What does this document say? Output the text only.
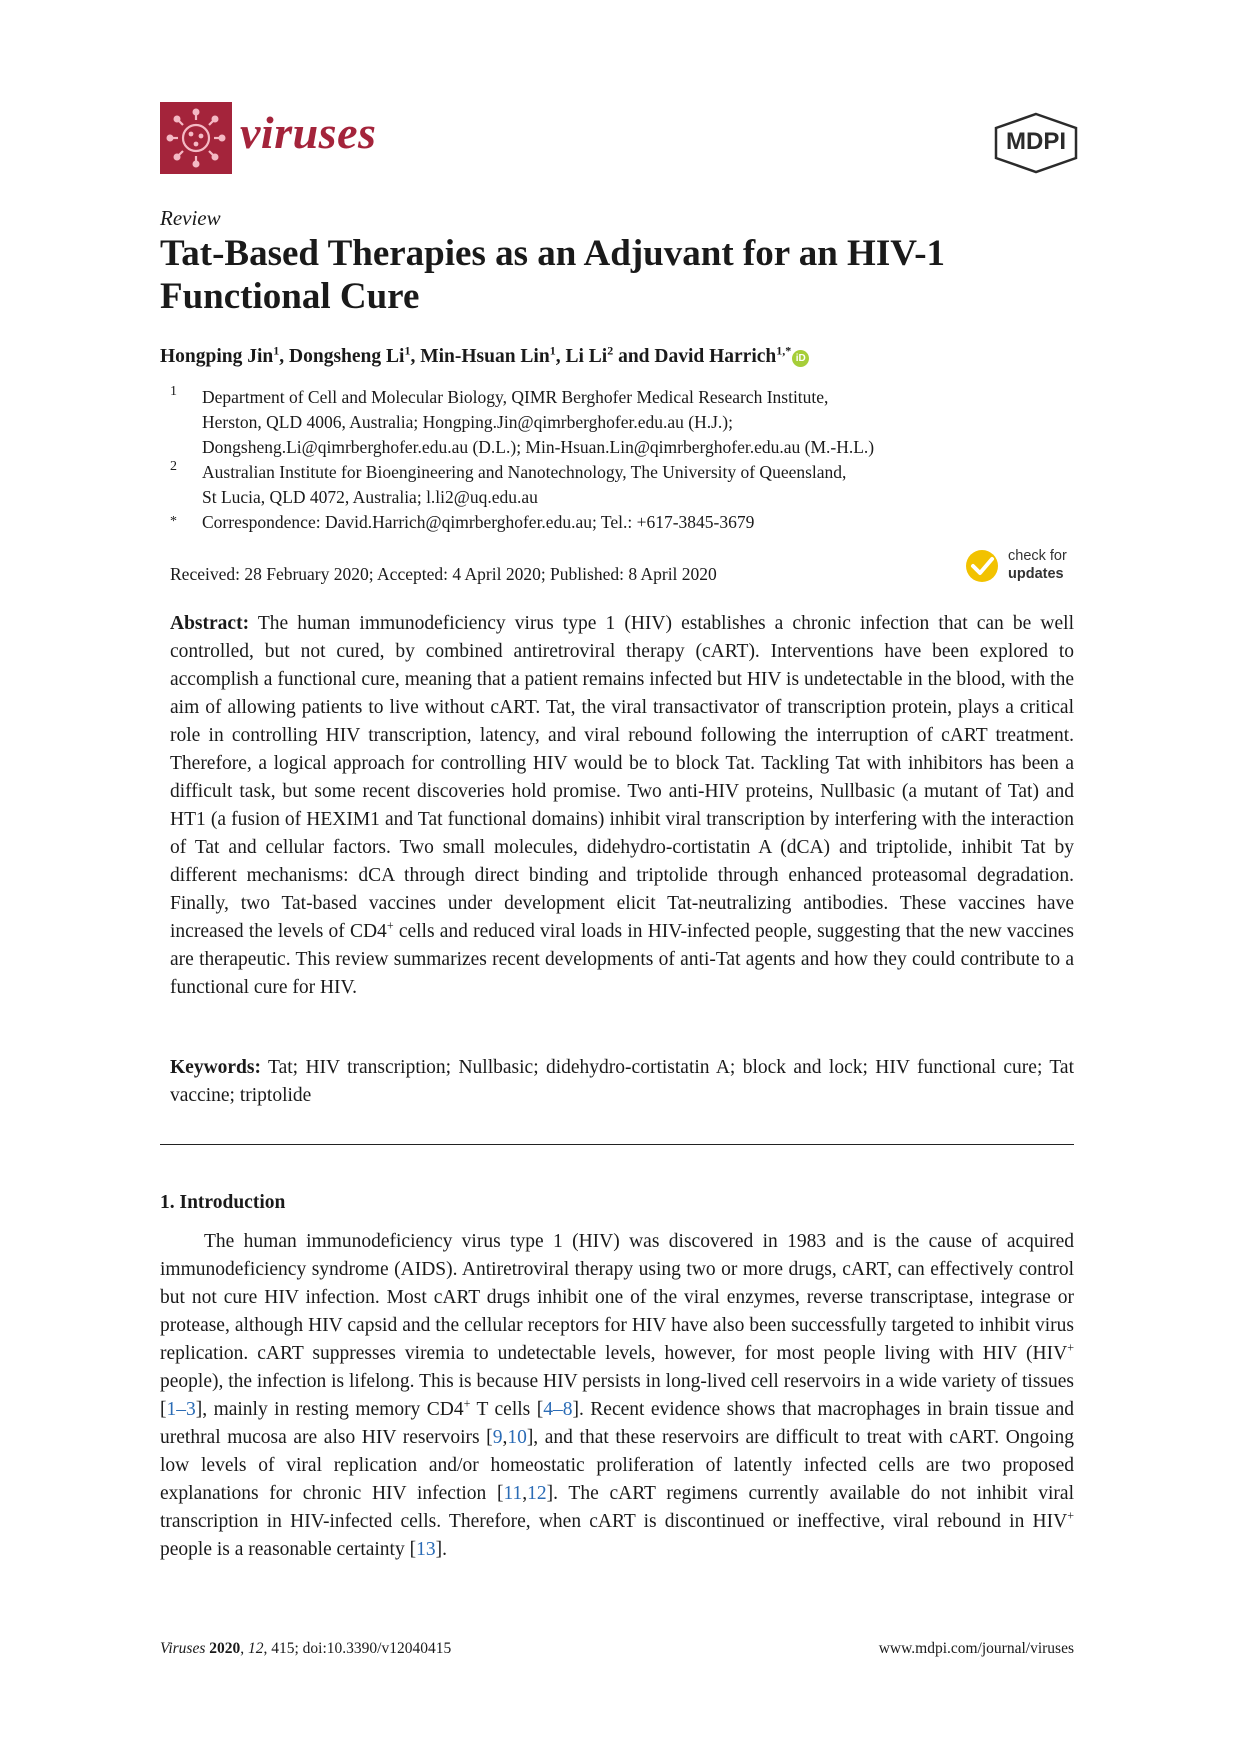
viruses	MDPI
Review
Tat-Based Therapies as an Adjuvant for an HIV-1 Functional Cure
Hongping Jin$^1$, Dongsheng Li$^1$, Min-Hsuan Lin$^1$, Li Li$^2$ and David Harrich$^{1,*}$
iD
1 Department of Cell and Molecular Biology, QIMR Berghofer Medical Research Institute,
Herston, QLD 4006, Australia; Hongping.Jin@qimrberghofer.edu.au (H.J.);
Dongsheng.Li@qimrberghofer.edu.au (D.L.); Min-Hsuan.Lin@qimrberghofer.edu.au (M.-H.L.)
2 Australian Institute for Bioengineering and Nanotechnology, The University of Queensland,
St Lucia, QLD 4072, Australia; l.li2@uq.edu.au
* Correspondence: David.Harrich@qimrberghofer.edu.au; Tel.: +617-3845-3679
Received: 28 February 2020; Accepted: 4 April 2020; Published: 8 April 2020
check for
updates
Abstract: The human immunodeficiency virus type 1 (HIV) establishes a chronic infection that can be well controlled, but not cured, by combined antiretroviral therapy (cART). Interventions have been explored to accomplish a functional cure, meaning that a patient remains infected but HIV is undetectable in the blood, with the aim of allowing patients to live without cART. Tat, the viral transactivator of transcription protein, plays a critical role in controlling HIV transcription, latency, and viral rebound following the interruption of cART treatment. Therefore, a logical approach for controlling HIV would be to block Tat. Tackling Tat with inhibitors has been a difficult task, but some recent discoveries hold promise. Two anti-HIV proteins, Nullbasic (a mutant of Tat) and HT1 (a fusion of HEXIM1 and Tat functional domains) inhibit viral transcription by interfering with the interaction of Tat and cellular factors. Two small molecules, didehydro-cortistatin A (dCA) and triptolide, inhibit Tat by different mechanisms: dCA through direct binding and triptolide through enhanced proteasomal degradation. Finally, two Tat-based vaccines under development elicit Tat-neutralizing antibodies. These vaccines have increased the levels of CD4+ cells and reduced viral loads in HIV-infected people, suggesting that the new vaccines are therapeutic. This review summarizes recent developments of anti-Tat agents and how they could contribute to a functional cure for HIV.
Keywords: Tat; HIV transcription; Nullbasic; didehydro-cortistatin A; block and lock; HIV functional cure; Tat vaccine; triptolide
1. Introduction
The human immunodeficiency virus type 1 (HIV) was discovered in 1983 and is the cause of acquired immunodeficiency syndrome (AIDS). Antiretroviral therapy using two or more drugs, cART, can effectively control but not cure HIV infection. Most cART drugs inhibit one of the viral enzymes, reverse transcriptase, integrase or protease, although HIV capsid and the cellular receptors for HIV have also been successfully targeted to inhibit virus replication. cART suppresses viremia to undetectable levels, however, for most people living with HIV (HIV+ people), the infection is lifelong. This is because HIV persists in long-lived cell reservoirs in a wide variety of tissues [1–3], mainly in resting memory CD4+ T cells [4–8]. Recent evidence shows that macrophages in brain tissue and urethral mucosa are also HIV reservoirs [9,10], and that these reservoirs are difficult to treat with cART. Ongoing low levels of viral replication and/or homeostatic proliferation of latently infected cells are two proposed explanations for chronic HIV infection [11,12]. The cART regimens currently available do not inhibit viral transcription in HIV-infected cells. Therefore, when cART is discontinued or ineffective, viral rebound in HIV+ people is a reasonable certainty [13].
Viruses 2020, 12, 415; doi:10.3390/v12040415	www.mdpi.com/journal/viruses
